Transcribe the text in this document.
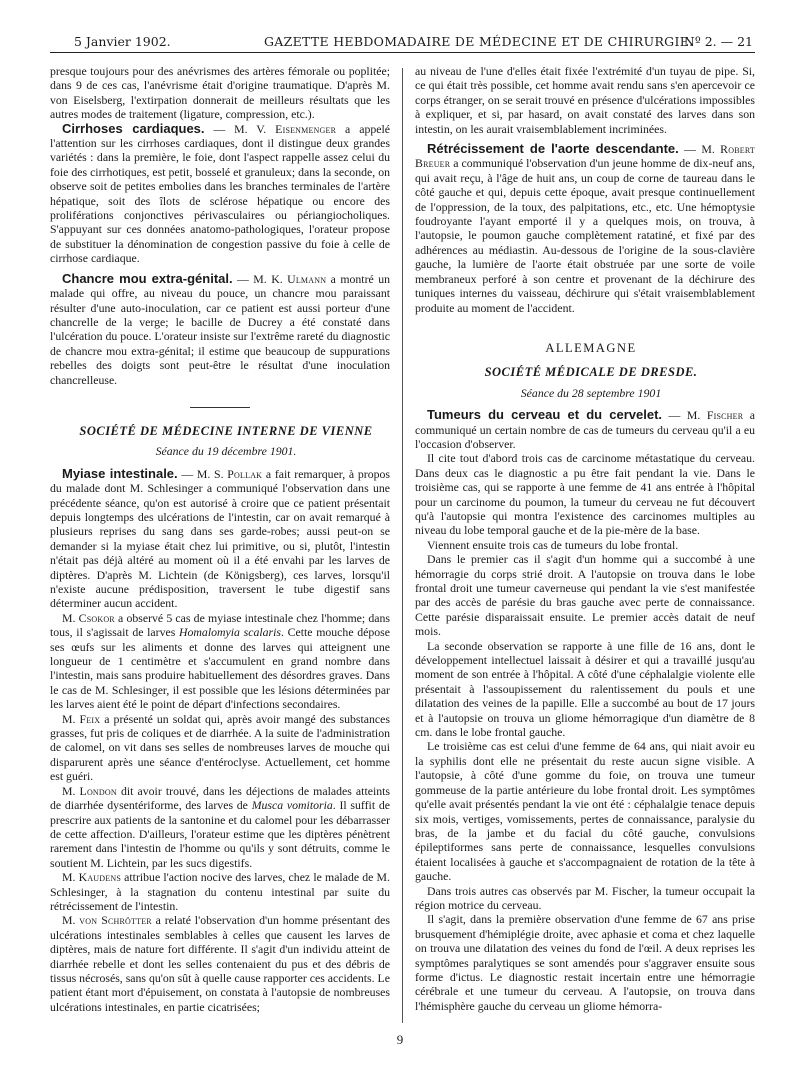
5 Janvier 1902.	GAZETTE HEBDOMADAIRE DE MÉDECINE ET DE CHIRURGIE.
Nº 2. — 21

presque toujours pour des anévrismes des artères fémorale ou poplitée; dans 9 de ces cas, l'anévrisme était d'origine traumatique. D'après M. von Eiselsberg, l'extirpation donnerait de meilleurs résultats que les autres modes de traitement (ligature, compression, etc.).

Cirrhoses cardiaques. — M. V. Eisenmenger a appelé l'attention sur les cirrhoses cardiaques, dont il distingue deux grandes variétés : dans la première, le foie, dont l'aspect rappelle assez celui du foie des cirrhotiques, est petit, bosselé et granuleux; dans la seconde, on observe soit de petites embolies dans les branches terminales de l'artère hépatique, soit des îlots de sclérose hépatique ou encore des proliférations conjonctives périvasculaires ou périangiocholiques. S'appuyant sur ces données anatomo-pathologiques, l'orateur propose de substituer la dénomination de congestion passive du foie à celle de cirrhose cardiaque.

Chancre mou extra-génital. — M. K. Ulmann a montré un malade qui offre, au niveau du pouce, un chancre mou paraissant résulter d'une auto-inoculation, car ce patient est aussi porteur d'une chancrelle de la verge; le bacille de Ducrey a été constaté dans l'ulcération du pouce. L'orateur insiste sur l'extrême rareté du diagnostic de chancre mou extra-génital; il estime que beaucoup de suppurations rebelles des doigts sont peut-être le résultat d'une inoculation chancrelleuse.

SOCIÉTÉ DE MÉDECINE INTERNE DE VIENNE

Séance du 19 décembre 1901.

Myiase intestinale. — M. S. Pollak a fait remarquer, à propos du malade dont M. Schlesinger a communiqué l'observation dans une précédente séance, qu'on est autorisé à croire que ce patient présentait depuis longtemps des ulcérations de l'intestin, car on avait remarqué à plusieurs reprises du sang dans ses garde-robes; aussi peut-on se demander si la myiase était chez lui primitive, ou si, plutôt, l'intestin n'était pas déjà altéré au moment où il a été envahi par les larves de diptères. D'après M. Lichtein (de Königsberg), ces larves, lorsqu'il n'existe aucune prédisposition, traversent le tube digestif sans déterminer aucun accident.

M. Csokor a observé 5 cas de myiase intestinale chez l'homme; dans tous, il s'agissait de larves Homalomyia scalaris. Cette mouche dépose ses œufs sur les aliments et donne des larves qui atteignent une longueur de 1 centimètre et s'accumulent en grand nombre dans l'intestin, mais sans produire habituellement des désordres graves. Dans le cas de M. Schlesinger, il est possible que les lésions déterminées par les larves aient été le point de départ d'infections secondaires.

M. Feix a présenté un soldat qui, après avoir mangé des substances grasses, fut pris de coliques et de diarrhée. A la suite de l'administration de calomel, on vit dans ses selles de nombreuses larves de mouche qui disparurent après une séance d'entéroclyse. Actuellement, cet homme est guéri.

M. London dit avoir trouvé, dans les déjections de malades atteints de diarrhée dysentériforme, des larves de Musca vomitoria. Il suffit de prescrire aux patients de la santonine et du calomel pour les débarrasser de cette affection. D'ailleurs, l'orateur estime que les diptères pénètrent rarement dans l'intestin de l'homme ou qu'ils y sont détruits, comme le soutient M. Lichtein, par les sucs digestifs.

M. Kaudens attribue l'action nocive des larves, chez le malade de M. Schlesinger, à la stagnation du contenu intestinal par suite du rétrécissement de l'intestin.

M. von Schrötter a relaté l'observation d'un homme présentant des ulcérations intestinales semblables à celles que causent les larves de diptères, mais de nature fort différente. Il s'agit d'un individu atteint de diarrhée rebelle et dont les selles contenaient du pus et des débris de tissus nécrosés, sans qu'on sût à quelle cause rapporter ces accidents. Le patient étant mort d'épuisement, on constata à l'autopsie de nombreuses ulcérations intestinales, en partie cicatrisées;

au niveau de l'une d'elles était fixée l'extrémité d'un tuyau de pipe. Si, ce qui était très possible, cet homme avait rendu sans s'en apercevoir ce corps étranger, on se serait trouvé en présence d'ulcérations impossibles à expliquer, et si, par hasard, on avait constaté des larves dans son intestin, on les aurait vraisemblablement incriminées.

Rétrécissement de l'aorte descendante. — M. Robert Breuer a communiqué l'observation d'un jeune homme de dix-neuf ans, qui avait reçu, à l'âge de huit ans, un coup de corne de taureau dans le côté gauche et qui, depuis cette époque, avait presque continuellement de l'oppression, de la toux, des palpitations, etc., etc. Une hémoptysie foudroyante l'ayant emporté il y a quelques mois, on trouva, à l'autopsie, le poumon gauche complètement ratatiné, et fixé par des adhérences au médiastin. Au-dessous de l'origine de la sous-clavière gauche, la lumière de l'aorte était obstruée par une sorte de voile membraneux perforé à son centre et provenant de la déchirure des tuniques internes du vaisseau, déchirure qui s'était vraisemblablement produite au moment de l'accident.

ALLEMAGNE

SOCIÉTÉ MÉDICALE DE DRESDE.

Séance du 28 septembre 1901

Tumeurs du cerveau et du cervelet. — M. Fischer a communiqué un certain nombre de cas de tumeurs du cerveau qu'il a eu l'occasion d'observer.

Il cite tout d'abord trois cas de carcinome métastatique du cerveau. Dans deux cas le diagnostic a pu être fait pendant la vie. Dans le troisième cas, qui se rapporte à une femme de 41 ans entrée à l'hôpital pour un carcinome du poumon, la tumeur du cerveau ne fut découvert qu'à l'autopsie qui montra l'existence des carcinomes multiples au niveau du lobe temporal gauche et de la pie-mère de la base.

Viennent ensuite trois cas de tumeurs du lobe frontal.

Dans le premier cas il s'agit d'un homme qui a succombé à une hémorragie du corps strié droit. A l'autopsie on trouva dans le lobe frontal droit une tumeur caverneuse qui pendant la vie s'est manifestée par des accès de parésie du bras gauche avec perte de connaissance. Cette parésie disparaissait ensuite. Le premier accès datait de neuf mois.

La seconde observation se rapporte à une fille de 16 ans, dont le développement intellectuel laissait à désirer et qui a travaillé jusqu'au moment de son entrée à l'hôpital. A côté d'une céphalalgie violente elle présentait à l'assoupissement du ralentissement du pouls et une dilatation des veines de la papille. Elle a succombé au bout de 17 jours et à l'autopsie on trouva un gliome hémorragique d'un diamètre de 8 cm. dans le lobe frontal gauche.

Le troisième cas est celui d'une femme de 64 ans, qui niait avoir eu la syphilis dont elle ne présentait du reste aucun signe visible. A l'autopsie, à côté d'une gomme du foie, on trouva une tumeur gommeuse de la partie antérieure du lobe frontal droit. Les symptômes qu'elle avait présentés pendant la vie ont été : céphalalgie tenace depuis six mois, vertiges, vomissements, pertes de connaissance, paralysie du bras, de la jambe et du facial du côté gauche, convulsions épileptiformes sans perte de connaissance, lesquelles convulsions étaient localisées à gauche et s'accompagnaient de rotation de la tête à gauche.

Dans trois autres cas observés par M. Fischer, la tumeur occupait la région motrice du cerveau.

Il s'agit, dans la première observation d'une femme de 67 ans prise brusquement d'hémiplégie droite, avec aphasie et coma et chez laquelle on trouva une dilatation des veines du fond de l'œil. A deux reprises les symptômes paralytiques se sont amendés pour s'aggraver ensuite sous forme d'ictus. Le diagnostic restait incertain entre une hémorragie cérébrale et une tumeur du cerveau. A l'autopsie, on trouva dans l'hémisphère gauche du cerveau un gliome hémorra-

9
